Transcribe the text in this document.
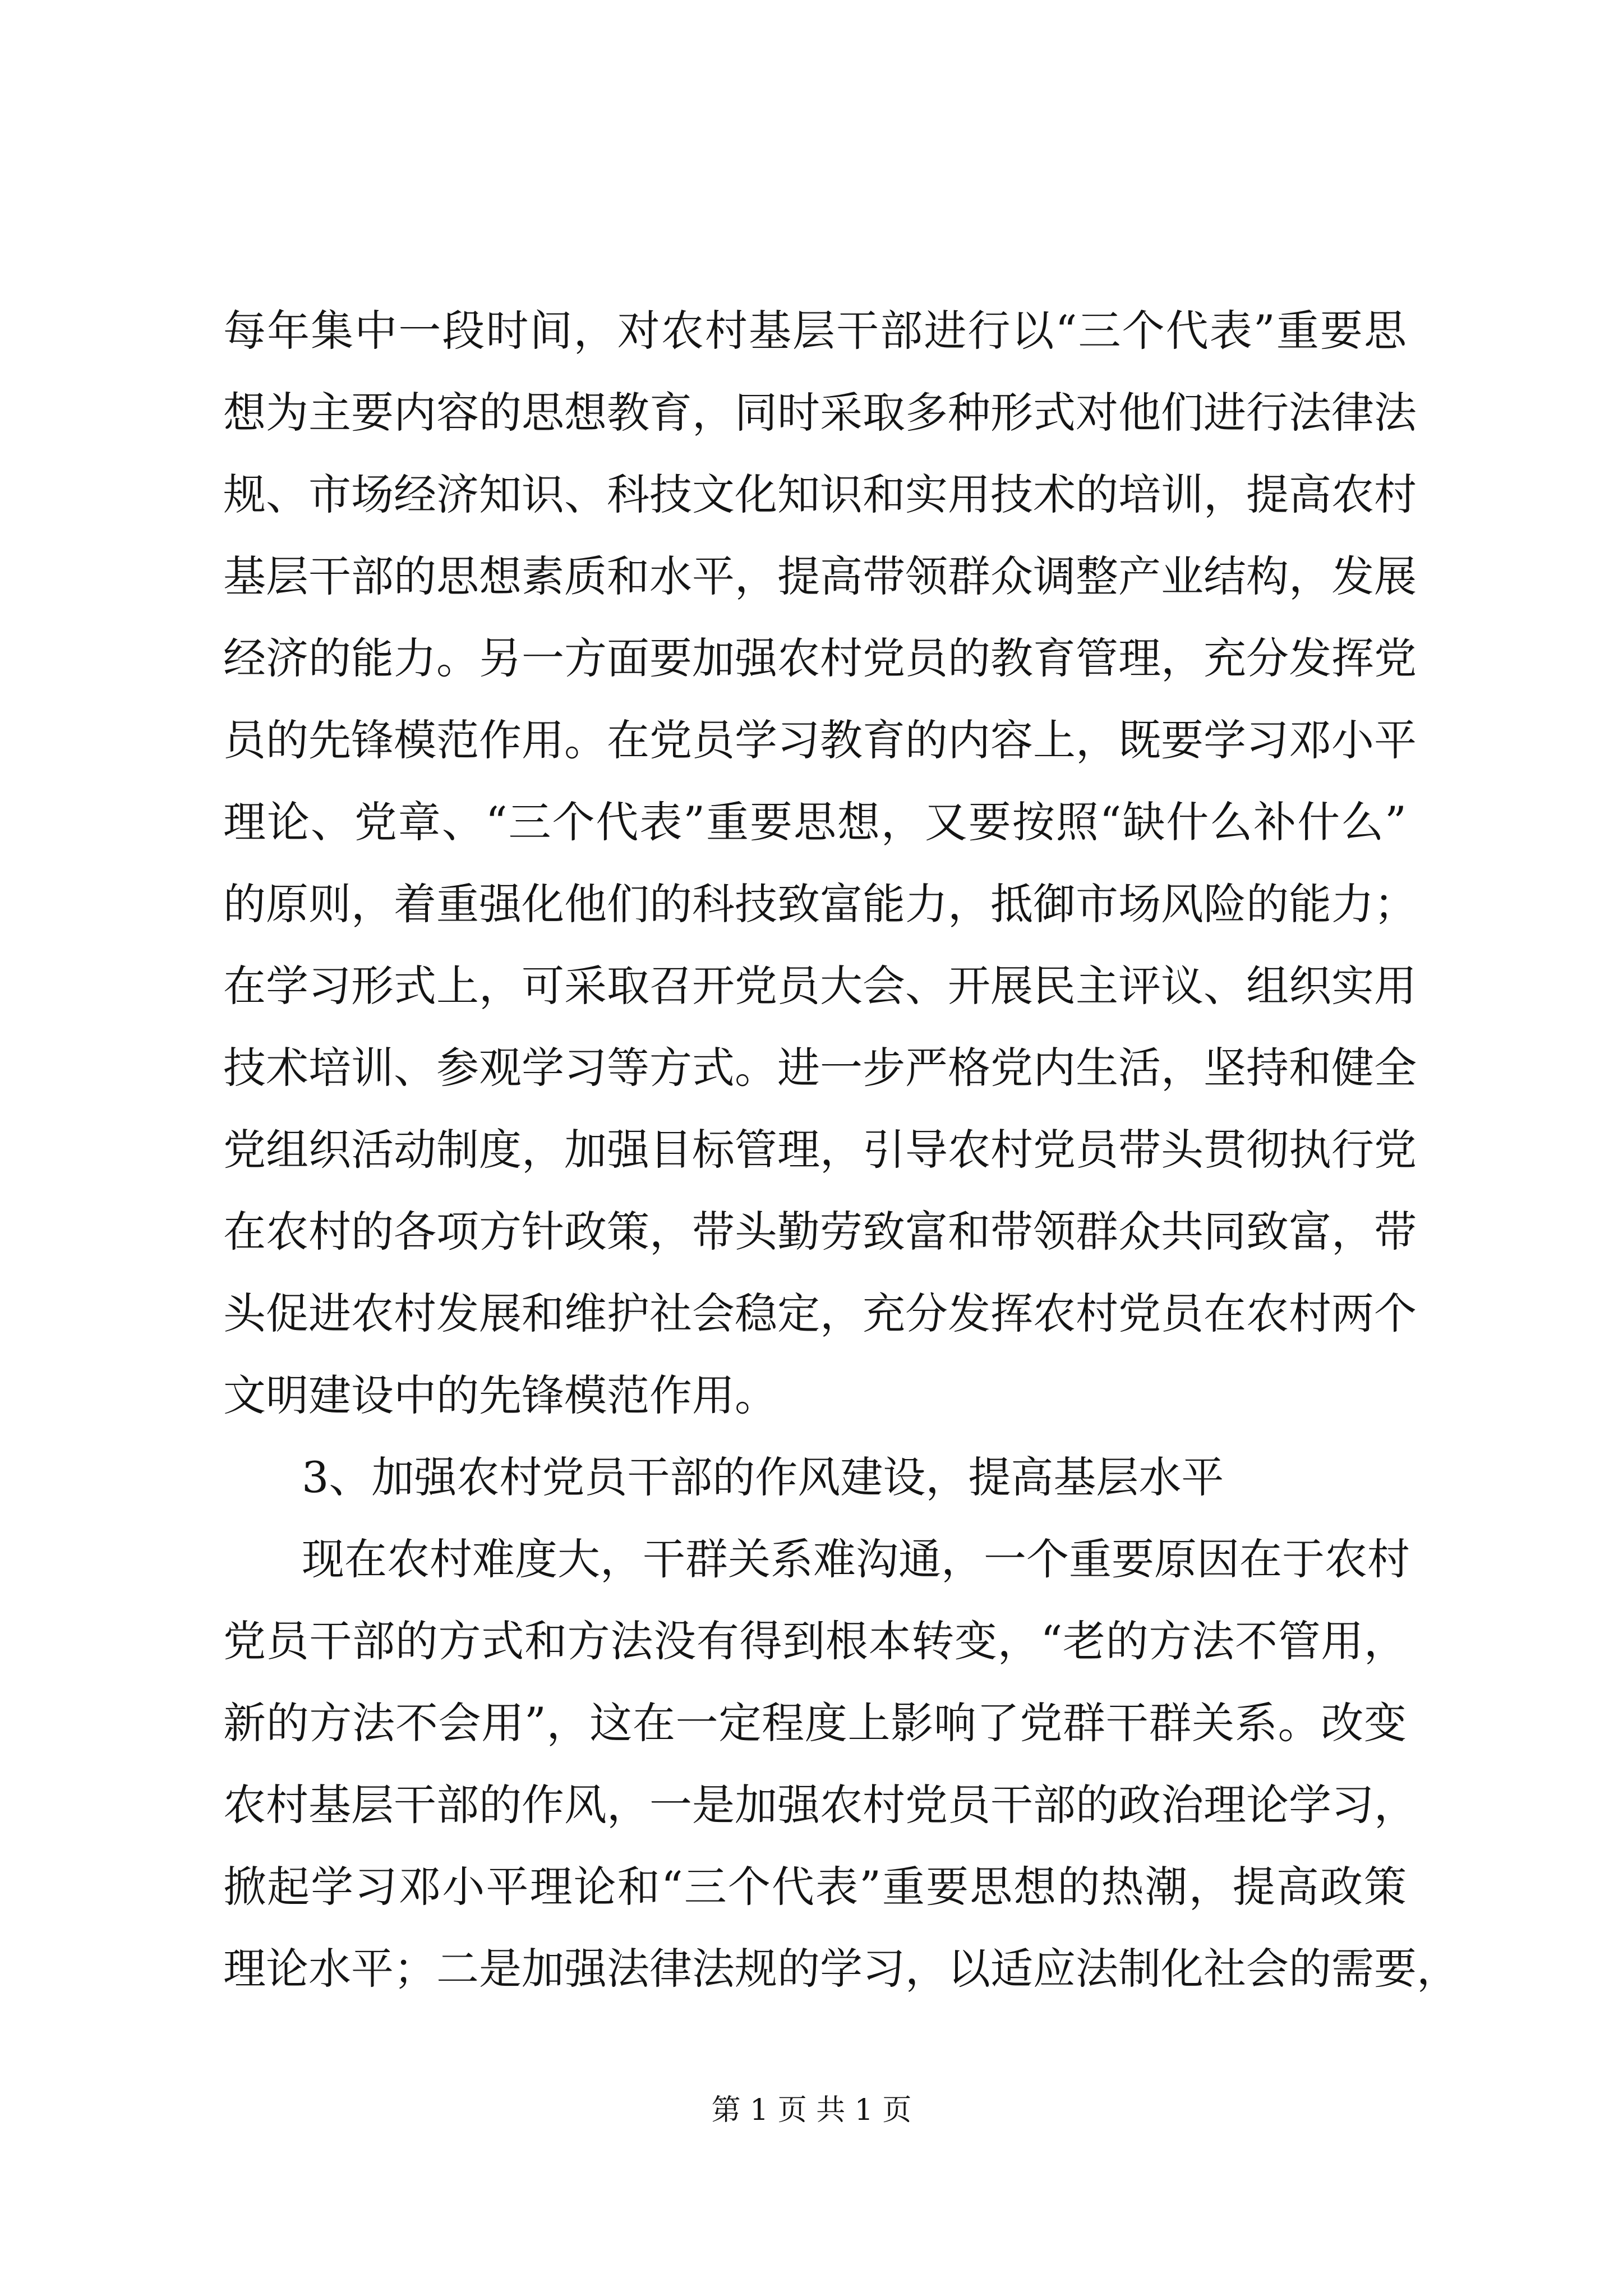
每年集中一段时间，对农村基层干部进行以“三个代表”重要思
想为主要内容的思想教育，同时采取多种形式对他们进行法律法
规、市场经济知识、科技文化知识和实用技术的培训，提高农村
基层干部的思想素质和水平，提高带领群众调整产业结构，发展
经济的能力。另一方面要加强农村党员的教育管理，充分发挥党
员的先锋模范作用。在党员学习教育的内容上，既要学习邓小平
理论、党章、“三个代表”重要思想，又要按照“缺什么补什么”
的原则，着重强化他们的科技致富能力，抵御市场风险的能力；
在学习形式上，可采取召开党员大会、开展民主评议、组织实用
技术培训、参观学习等方式。进一步严格党内生活，坚持和健全
党组织活动制度，加强目标管理，引导农村党员带头贯彻执行党
在农村的各项方针政策，带头勤劳致富和带领群众共同致富，带
头促进农村发展和维护社会稳定，充分发挥农村党员在农村两个
文明建设中的先锋模范作用。
3、加强农村党员干部的作风建设，提高基层水平
现在农村难度大，干群关系难沟通，一个重要原因在于农村
党员干部的方式和方法没有得到根本转变，“老的方法不管用，
新的方法不会用”，这在一定程度上影响了党群干群关系。改变
农村基层干部的作风，一是加强农村党员干部的政治理论学习，
掀起学习邓小平理论和“三个代表”重要思想的热潮，提高政策
理论水平；二是加强法律法规的学习，以适应法制化社会的需要，
第 1 页 共 1 页
